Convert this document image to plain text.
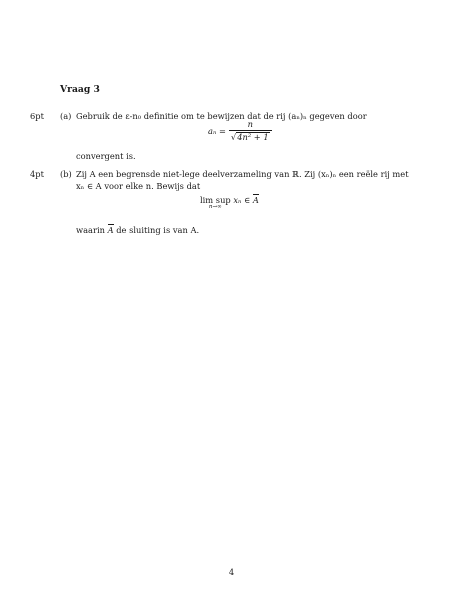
Vraag 3
6pt (a) Gebruik de ε-n₀ definitie om te bewijzen dat de rij (aₙ)ₙ gegeven door
$a_n = \frac{n}{\text{√ 4n² + 1}}$
convergent is.
4pt (b) Zij A een begrensde niet-lege deelverzameling van ℝ. Zij (xₙ)ₙ een reële rij met
xₙ ∈ A voor elke n. Bewijs dat
lim sup
n→∞
xₙ ∈ A
waarin A de sluiting is van A.
4
